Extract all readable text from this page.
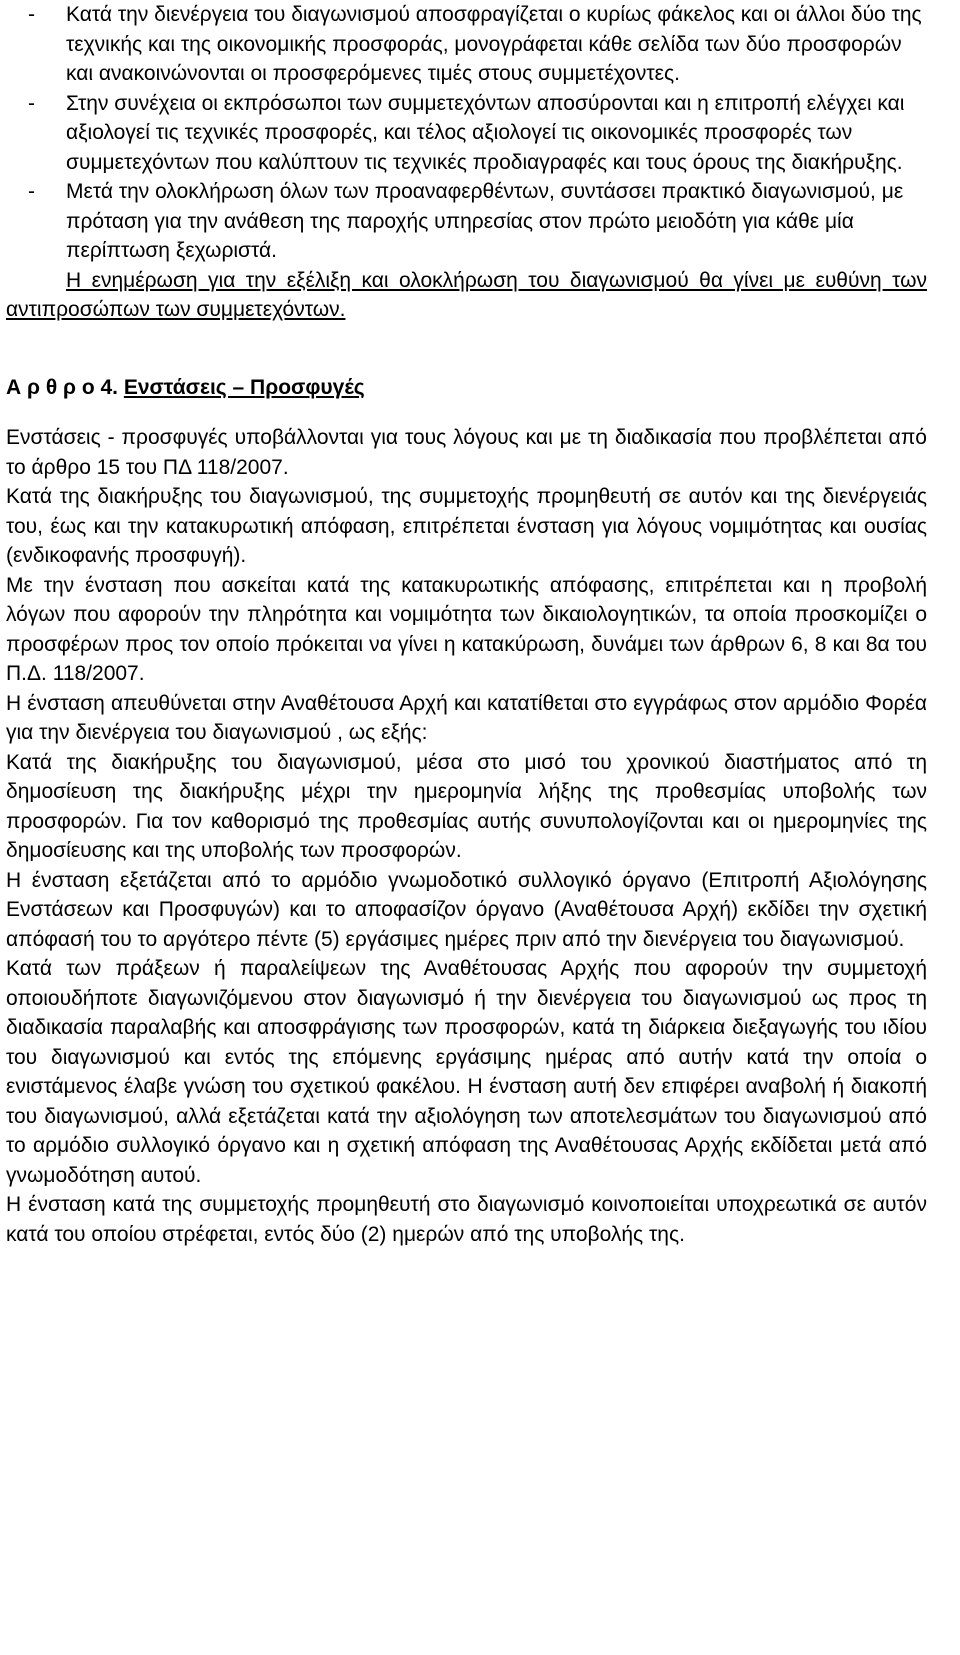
- Κατά την διενέργεια του διαγωνισμού αποσφραγίζεται ο κυρίως φάκελος και οι άλλοι δύο της τεχνικής και της οικονομικής προσφοράς, μονογράφεται κάθε σελίδα των δύο προσφορών και ανακοινώνονται οι προσφερόμενες τιμές στους συμμετέχοντες.
- Στην συνέχεια οι εκπρόσωποι των συμμετεχόντων αποσύρονται και η επιτροπή ελέγχει και αξιολογεί τις τεχνικές προσφορές, και τέλος αξιολογεί τις οικονομικές προσφορές των συμμετεχόντων που καλύπτουν τις τεχνικές προδιαγραφές και τους όρους της διακήρυξης.
- Μετά την ολοκλήρωση όλων των προαναφερθέντων, συντάσσει πρακτικό διαγωνισμού, με πρόταση για την ανάθεση της παροχής υπηρεσίας στον πρώτο μειοδότη για κάθε μία περίπτωση ξεχωριστά.

Η ενημέρωση για την εξέλιξη και ολοκλήρωση του διαγωνισμού θα γίνει με ευθύνη των αντιπροσώπων των συμμετεχόντων.

Α ρ θ ρ ο 4. Ενστάσεις – Προσφυγές

Ενστάσεις - προσφυγές υποβάλλονται για τους λόγους και με τη διαδικασία που προβλέπεται από το άρθρο 15 του ΠΔ 118/2007.

Κατά της διακήρυξης του διαγωνισμού, της συμμετοχής προμηθευτή σε αυτόν και της διενέργειάς του, έως και την κατακυρωτική απόφαση, επιτρέπεται ένσταση για λόγους νομιμότητας και ουσίας (ενδικοφανής προσφυγή).

Με την ένσταση που ασκείται κατά της κατακυρωτικής απόφασης, επιτρέπεται και η προβολή λόγων που αφορούν την πληρότητα και νομιμότητα των δικαιολογητικών, τα οποία προσκομίζει ο προσφέρων προς τον οποίο πρόκειται να γίνει η κατακύρωση, δυνάμει των άρθρων 6, 8 και 8α του Π.Δ. 118/2007.

Η ένσταση απευθύνεται στην Αναθέτουσα Αρχή και κατατίθεται στο εγγράφως στον αρμόδιο Φορέα για την διενέργεια του διαγωνισμού , ως εξής:

Κατά της διακήρυξης του διαγωνισμού, μέσα στο μισό του χρονικού διαστήματος από τη δημοσίευση της διακήρυξης μέχρι την ημερομηνία λήξης της προθεσμίας υποβολής των προσφορών. Για τον καθορισμό της προθεσμίας αυτής συνυπολογίζονται και οι ημερομηνίες της δημοσίευσης και της υποβολής των προσφορών.

Η ένσταση εξετάζεται από το αρμόδιο γνωμοδοτικό συλλογικό όργανο (Επιτροπή Αξιολόγησης Ενστάσεων και Προσφυγών) και το αποφασίζον όργανο (Αναθέτουσα Αρχή) εκδίδει την σχετική απόφασή του το αργότερο πέντε (5) εργάσιμες ημέρες πριν από την διενέργεια του διαγωνισμού.

Κατά των πράξεων ή παραλείψεων της Αναθέτουσας Αρχής που αφορούν την συμμετοχή οποιουδήποτε διαγωνιζόμενου στον διαγωνισμό ή την διενέργεια του διαγωνισμού ως προς τη διαδικασία παραλαβής και αποσφράγισης των προσφορών, κατά τη διάρκεια διεξαγωγής του ιδίου του διαγωνισμού και εντός της επόμενης εργάσιμης ημέρας από αυτήν κατά την οποία ο ενιστάμενος έλαβε γνώση του σχετικού φακέλου. Η ένσταση αυτή δεν επιφέρει αναβολή ή διακοπή του διαγωνισμού, αλλά εξετάζεται κατά την αξιολόγηση των αποτελεσμάτων του διαγωνισμού από το αρμόδιο συλλογικό όργανο και η σχετική απόφαση της Αναθέτουσας Αρχής εκδίδεται μετά από γνωμοδότηση αυτού.

Η ένσταση κατά της συμμετοχής προμηθευτή στο διαγωνισμό κοινοποιείται υποχρεωτικά σε αυτόν κατά του οποίου στρέφεται, εντός δύο (2) ημερών από της υποβολής της.
